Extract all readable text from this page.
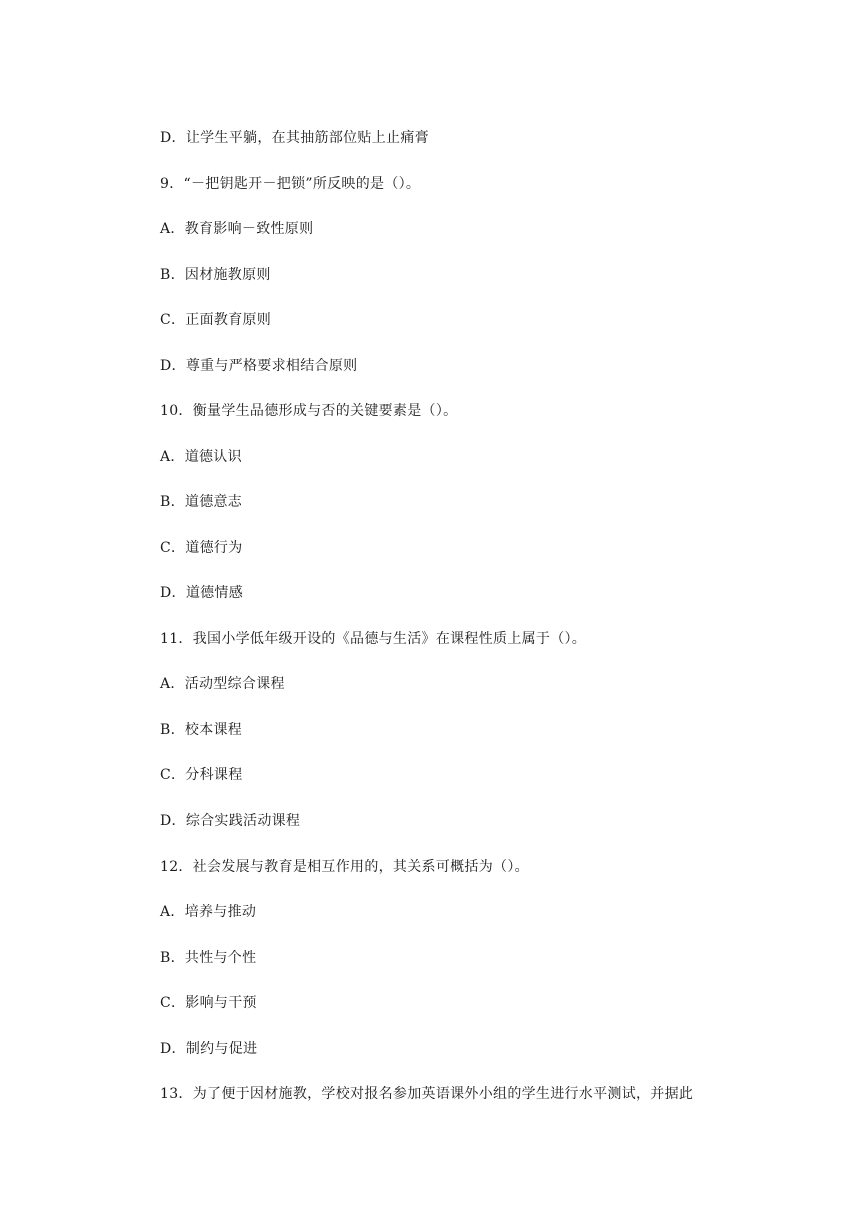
D．让学生平躺，在其抽筋部位贴上止痛膏
9．“－把钥匙开－把锁”所反映的是（）。
A．教育影响－致性原则
B．因材施教原则
C．正面教育原则
D．尊重与严格要求相结合原则
10．衡量学生品德形成与否的关键要素是（）。
A．道德认识
B．道德意志
C．道德行为
D．道德情感
11．我国小学低年级开设的《品德与生活》在课程性质上属于（）。
A．活动型综合课程
B．校本课程
C．分科课程
D．综合实践活动课程
12．社会发展与教育是相互作用的，其关系可概括为（）。
A．培养与推动
B．共性与个性
C．影响与干预
D．制约与促进
13．为了便于因材施教，学校对报名参加英语课外小组的学生进行水平测试，并据此
